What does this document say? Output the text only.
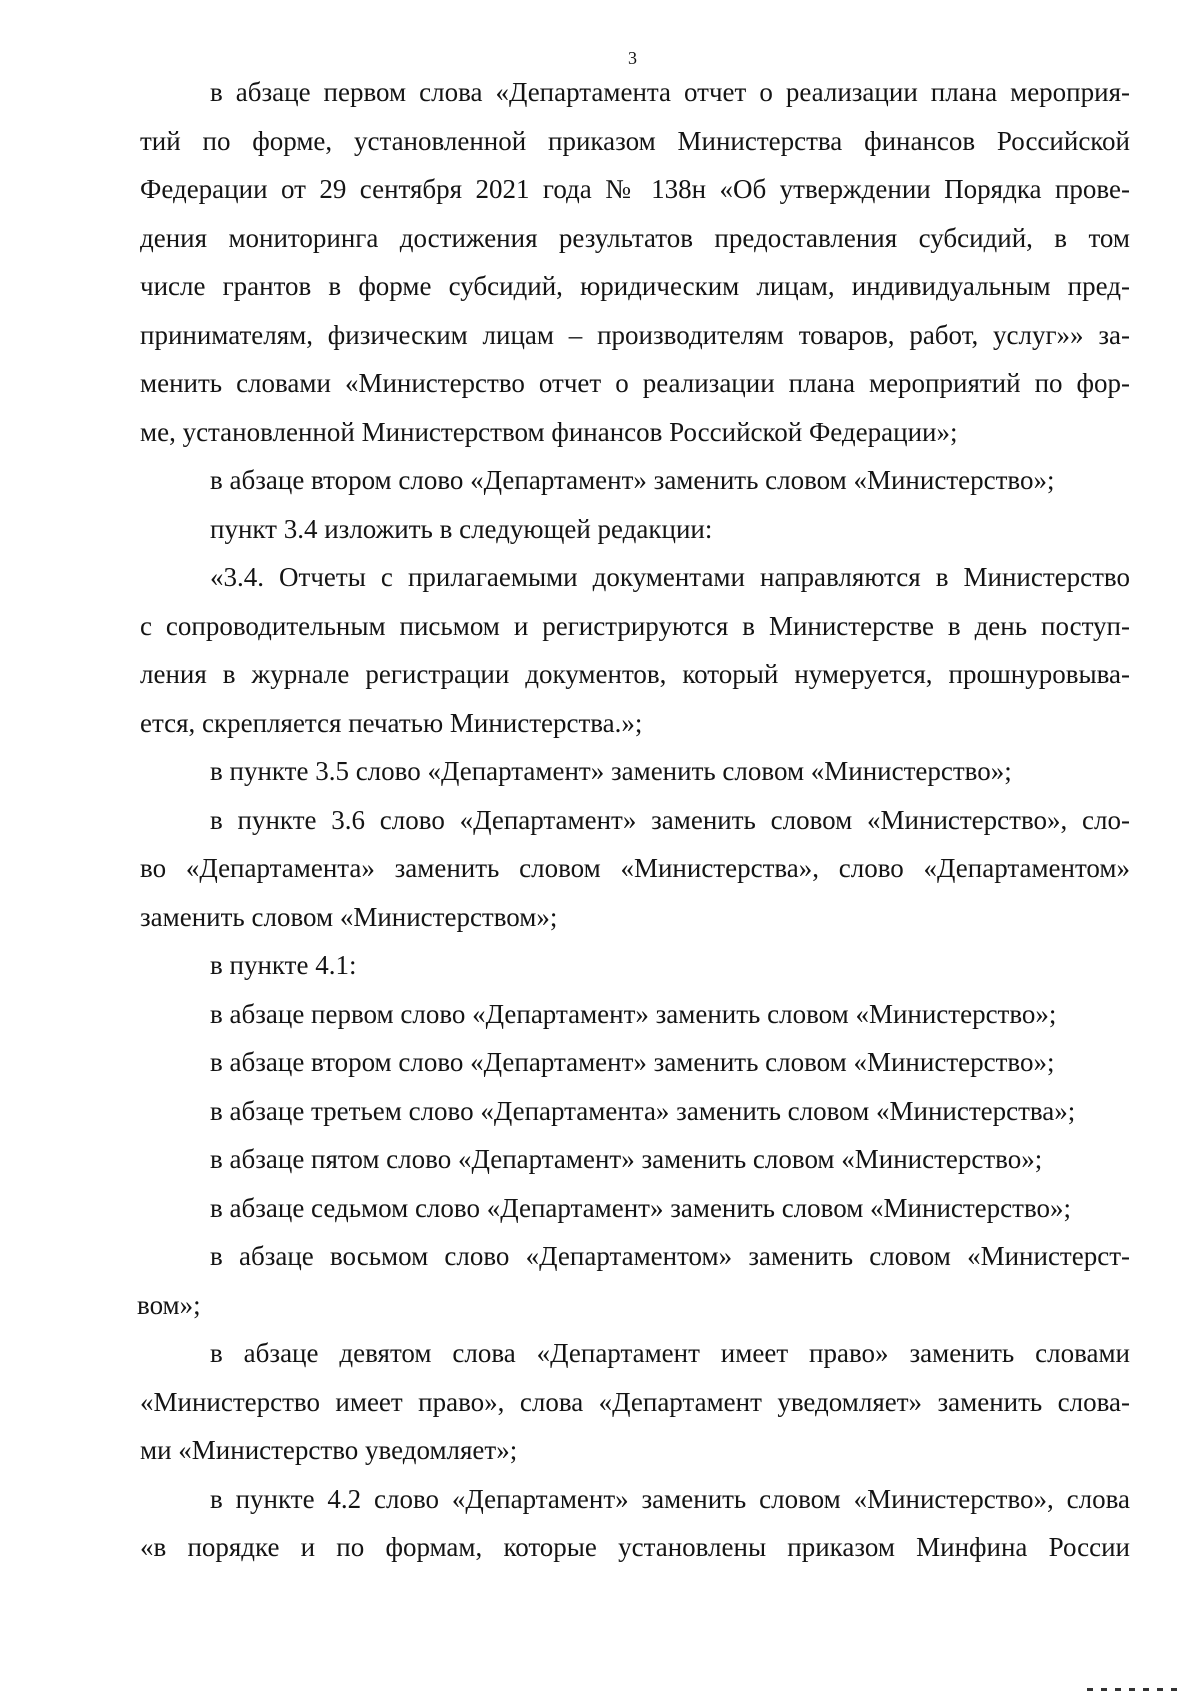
3
в абзаце первом слова «Департамента отчет о реализации плана мероприя-
тий по форме, установленной приказом Министерства финансов Российской
Федерации от 29 сентября 2021 года № 138н «Об утверждении Порядка прове-
дения мониторинга достижения результатов предоставления субсидий, в том
числе грантов в форме субсидий, юридическим лицам, индивидуальным пред-
принимателям, физическим лицам – производителям товаров, работ, услуг»» за-
менить словами «Министерство отчет о реализации плана мероприятий по фор-
ме, установленной Министерством финансов Российской Федерации»;
в абзаце втором слово «Департамент» заменить словом «Министерство»;
пункт 3.4 изложить в следующей редакции:
«3.4. Отчеты с прилагаемыми документами направляются в Министерство
с сопроводительным письмом и регистрируются в Министерстве в день поступ-
ления в журнале регистрации документов, который нумеруется, прошнуровыва-
ется, скрепляется печатью Министерства.»;
в пункте 3.5 слово «Департамент» заменить словом «Министерство»;
в пункте 3.6 слово «Департамент» заменить словом «Министерство», сло-
во «Департамента» заменить словом «Министерства», слово «Департаментом»
заменить словом «Министерством»;
в пункте 4.1:
в абзаце первом слово «Департамент» заменить словом «Министерство»;
в абзаце втором слово «Департамент» заменить словом «Министерство»;
в абзаце третьем слово «Департамента» заменить словом «Министерства»;
в абзаце пятом слово «Департамент» заменить словом «Министерство»;
в абзаце седьмом слово «Департамент» заменить словом «Министерство»;
в абзаце восьмом слово «Департаментом» заменить словом «Министерст-
вом»;
в абзаце девятом слова «Департамент имеет право» заменить словами
«Министерство имеет право», слова «Департамент уведомляет» заменить слова-
ми «Министерство уведомляет»;
в пункте 4.2 слово «Департамент» заменить словом «Министерство», слова
«в порядке и по формам, которые установлены приказом Минфина России
